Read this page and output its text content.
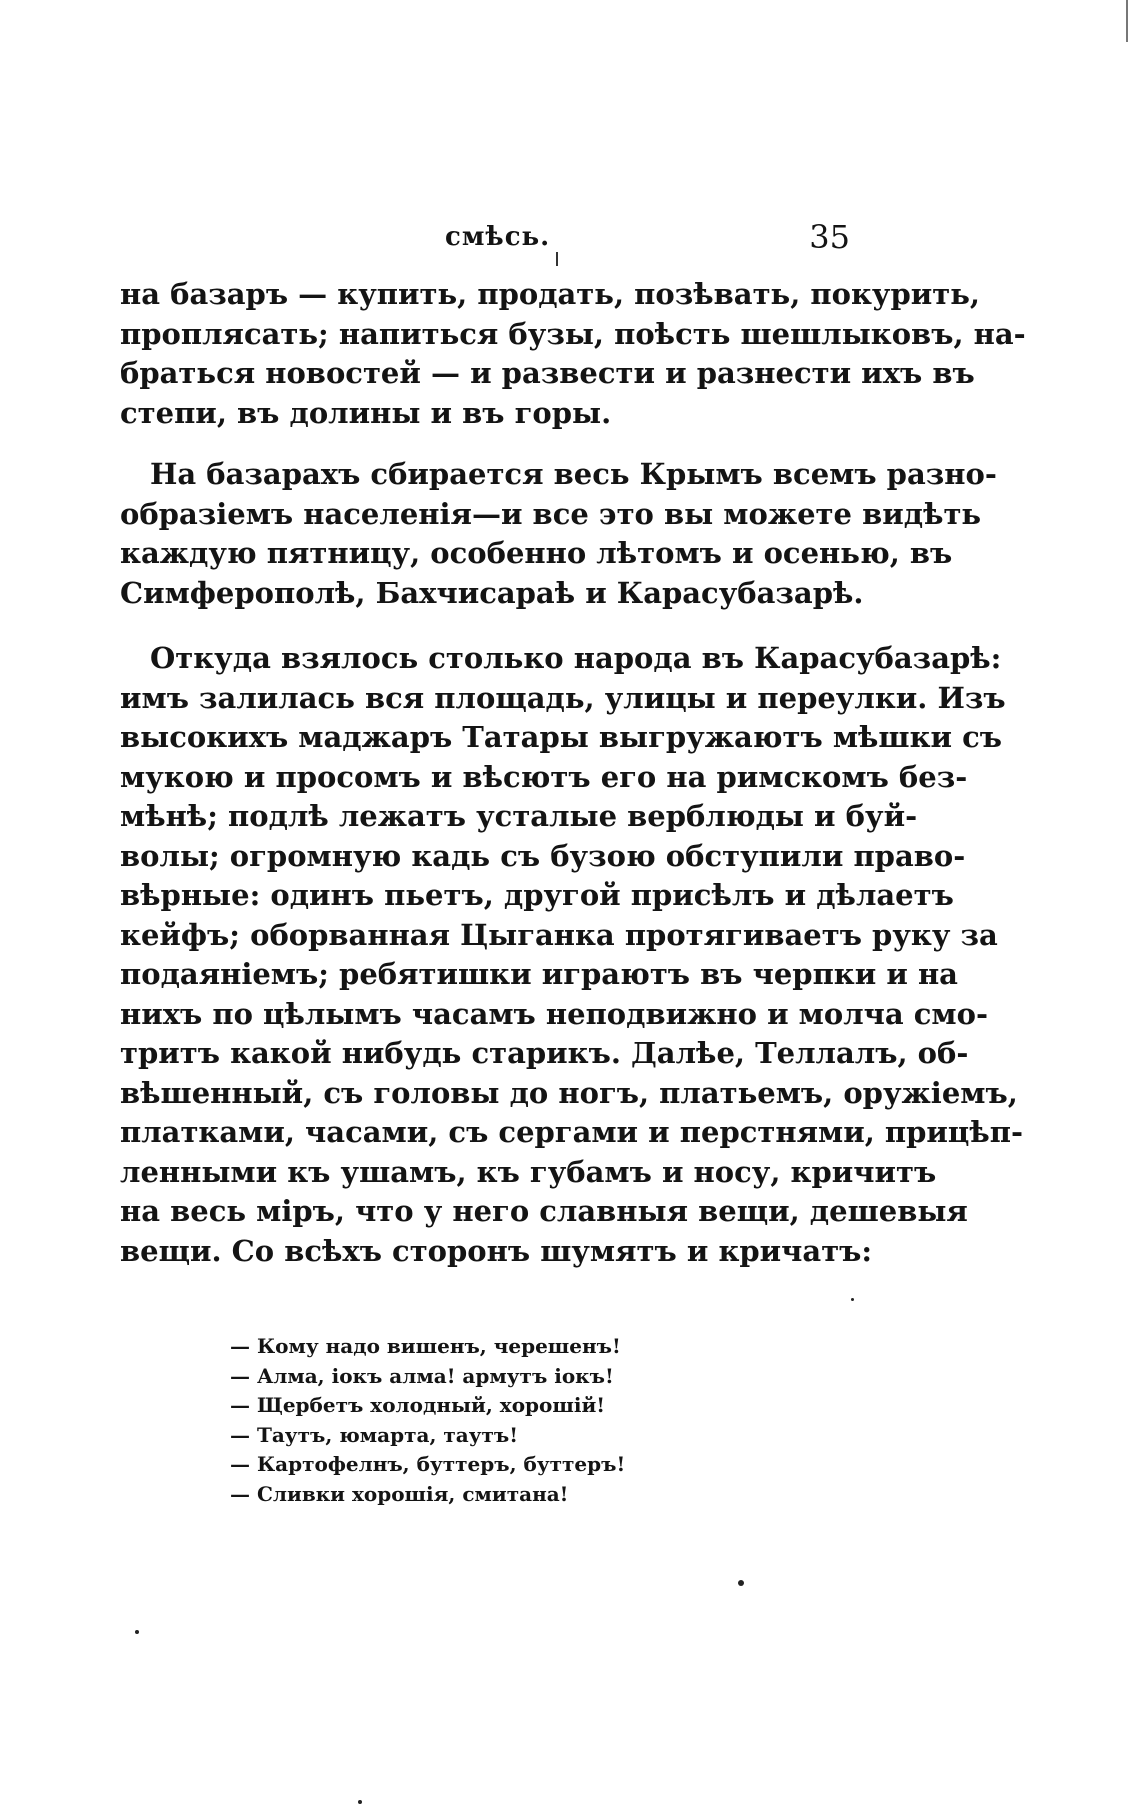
смѣсь.	35
на базаръ — купить, продать, позѣвать, покурить,
проплясать; напиться бузы, поѣсть шешлыковъ, на-
браться новостей — и развести и разнести ихъ въ
степи, въ долины и въ горы.
На базарахъ сбирается весь Крымъ всемъ разно-
образіемъ населенія—и все это вы можете видѣть
каждую пятницу, особенно лѣтомъ и осенью, въ
Симферополѣ, Бахчисараѣ и Карасубазарѣ.
Откуда взялось столько народа въ Карасубазарѣ:
имъ залилась вся площадь, улицы и переулки. Изъ
высокихъ маджаръ Татары выгружаютъ мѣшки съ
мукою и просомъ и вѣсютъ его на римскомъ без-
мѣнѣ; подлѣ лежатъ усталые верблюды и буй-
волы; огромную кадь съ бузою обступили право-
вѣрные: одинъ пьетъ, другой присѣлъ и дѣлаетъ
кейфъ; оборванная Цыганка протягиваетъ руку за
подаяніемъ; ребятишки играютъ въ черпки и на
нихъ по цѣлымъ часамъ неподвижно и молча смо-
тритъ какой нибудь старикъ. Далѣе, Теллалъ, об-
вѣшенный, съ головы до ногъ, платьемъ, оружіемъ,
платками, часами, съ сергами и перстнями, прицѣп-
ленными къ ушамъ, къ губамъ и носу, кричитъ
на весь міръ, что у него славныя вещи, дешевыя
вещи. Со всѣхъ сторонъ шумятъ и кричатъ:
— Кому надо вишенъ, черешенъ!
— Алма, іокъ алма! армутъ іокъ!
— Щербетъ холодный, хорошій!
— Таутъ, юмарта, таутъ!
— Картофелнъ, буттеръ, буттеръ!
— Сливки хорошія, смитана!
